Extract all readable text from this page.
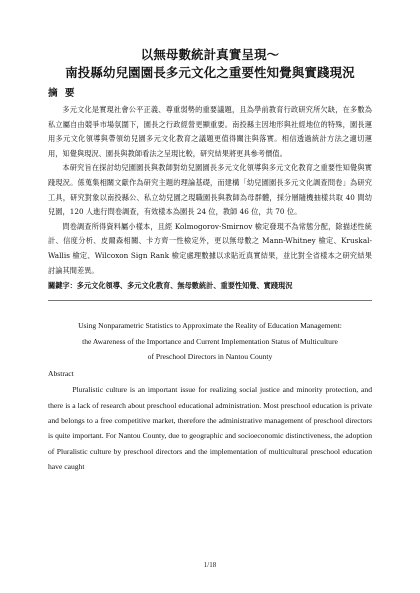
以無母數統計真實呈現～
南投縣幼兒園園長多元文化之重要性知覺與實踐現況
摘 要

多元文化是實現社會公平正義、尊重弱勢的重要議題，且為學前教育行政研究所欠缺，在多數為私立屬自由競爭市場氛圍下，園長之行政經營更顯重要。南投縣主因地形與社經地位的特殊，園長運用多元文化領導與帶領幼兒園多元文化教育之議題更值得關注與落實。相信透過統計方法之適切運用，知覺與現況、園長與教師看法之呈現比較，研究結果將更具參考價值。

本研究旨在探討幼兒園園長與教師對幼兒園園長多元文化領導與多元文化教育之重要性知覺與實踐現況。係蒐集相關文獻作為研究主題的理論基礎，而建構「幼兒園園長多元文化調查問卷」為研究工具，研究對象以南投縣公、私立幼兒園之現職園長與教師為母群體，採分層隨機抽樣共取 40 間幼兒園，120 人進行問卷調查，有效樣本為園長 24 位，教師 46 位，共 70 位。

問卷調查所得資料屬小樣本，且經 Kolmogorov-Smirnov 檢定發現不為常態分配，除描述性統計、信度分析、皮爾森相關、卡方齊一性檢定外，更以無母數之 Mann-Whitney 檢定、Kruskal-Wallis 檢定、Wilcoxon Sign Rank 檢定處理數據以求貼近真實結果，並比對全省樣本之研究結果討論其間差異。

關鍵字：多元文化領導、多元文化教育、無母數統計、重要性知覺、實踐現況

Using Nonparametric Statistics to Approximate the Reality of Education Management:

the Awareness of the Importance and Current Implementation Status of Multiculture

of Preschool Directors in Nantou County

Abstract

Pluralistic culture is an important issue for realizing social justice and minority protection, and there is a lack of research about preschool educational administration. Most preschool education is private and belongs to a free competitive market, therefore the administrative management of preschool directors is quite important. For Nantou County, due to geographic and socioeconomic distinctiveness, the adoption of Pluralistic culture by preschool directors and the implementation of multicultural preschool education have caught

1/18
